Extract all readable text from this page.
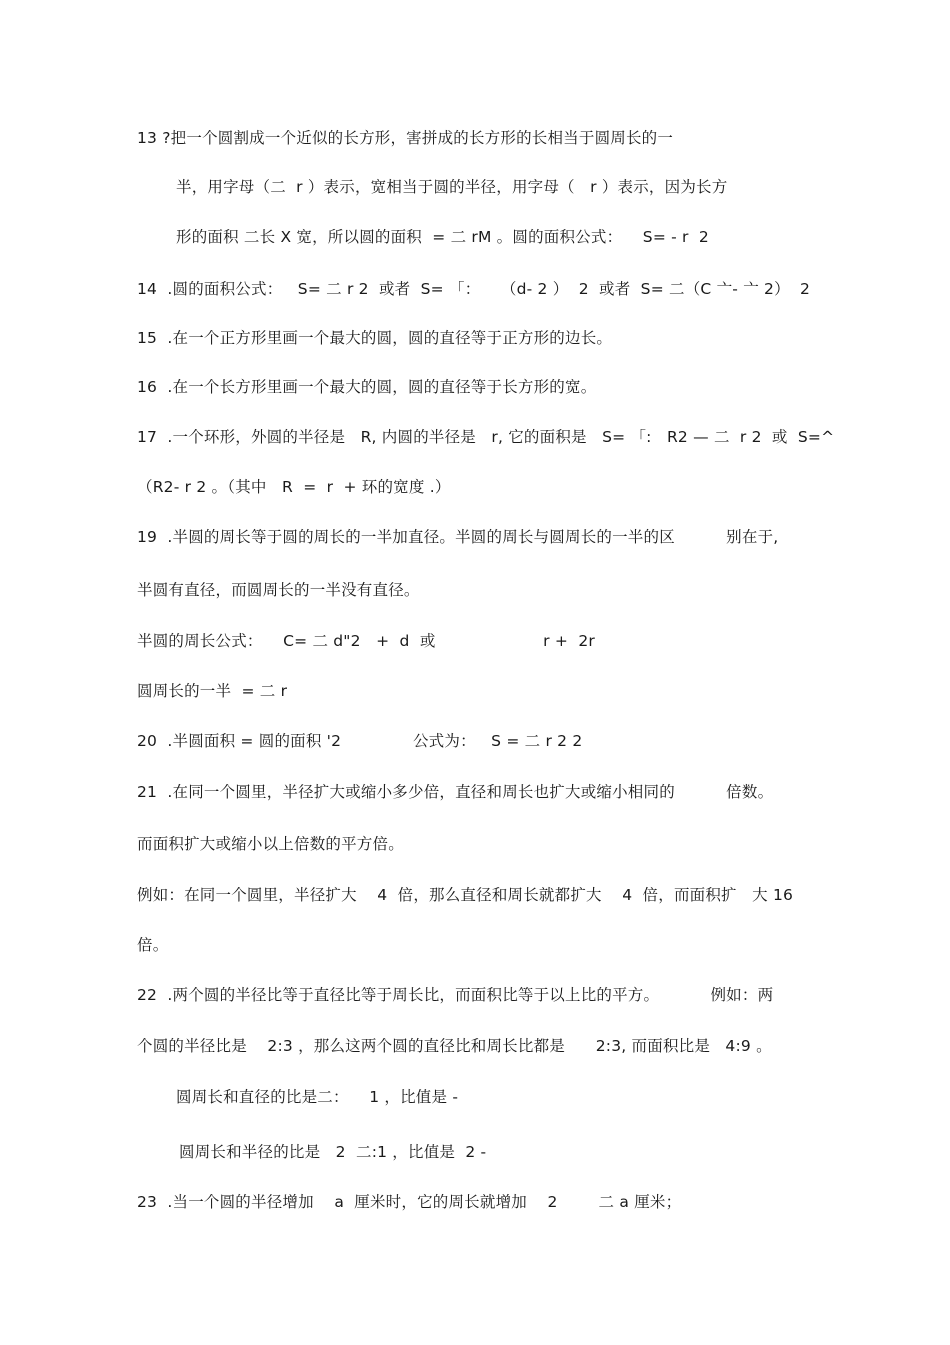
13 ?把一个圆割成一个近似的长方形，害拼成的长方形的长相当于圆周长的一
半，用字母（二  r ）表示，宽相当于圆的半径，用字母（   r ）表示，因为长方
形的面积 二长 X 宽，所以圆的面积  = 二 rM 。圆的面积公式：    S= - r  2
14  .圆的面积公式：   S= 二 r 2  或者  S= 「：    （d- 2 ）  2  或者  S= 二（C 亠- 亠 2）  2
15  .在一个正方形里画一个最大的圆，圆的直径等于正方形的边长。
16  .在一个长方形里画一个最大的圆，圆的直径等于长方形的宽。
17  .一个环形，外圆的半径是   R, 内圆的半径是   r, 它的面积是   S= 「:   R2 — 二  r 2  或  S=^
（R2- r 2 。（其中   R  =  r  + 环的宽度 .）
19  .半圆的周长等于圆的周长的一半加直径。半圆的周长与圆周长的一半的区          别在于,
半圆有直径，而圆周长的一半没有直径。
半圆的周长公式：    C= 二 d"2   +  d  或                     r +  2r
圆周长的一半  = 二 r
20  .半圆面积 = 圆的面积 '2              公式为：   S = 二 r 2 2
21  .在同一个圆里，半径扩大或缩小多少倍，直径和周长也扩大或缩小相同的          倍数。
而面积扩大或缩小以上倍数的平方倍。
例如：在同一个圆里，半径扩大    4  倍，那么直径和周长就都扩大    4  倍，而面积扩   大 16
倍。
22  .两个圆的半径比等于直径比等于周长比，而面积比等于以上比的平方。          例如：两
个圆的半径比是    2:3 ，那么这两个圆的直径比和周长比都是      2:3, 而面积比是   4:9 。
圆周长和直径的比是二：    1 ，比值是 -
圆周长和半径的比是   2  二:1 ，比值是  2 -
23  .当一个圆的半径增加    a  厘米时，它的周长就增加    2        二 a 厘米；
